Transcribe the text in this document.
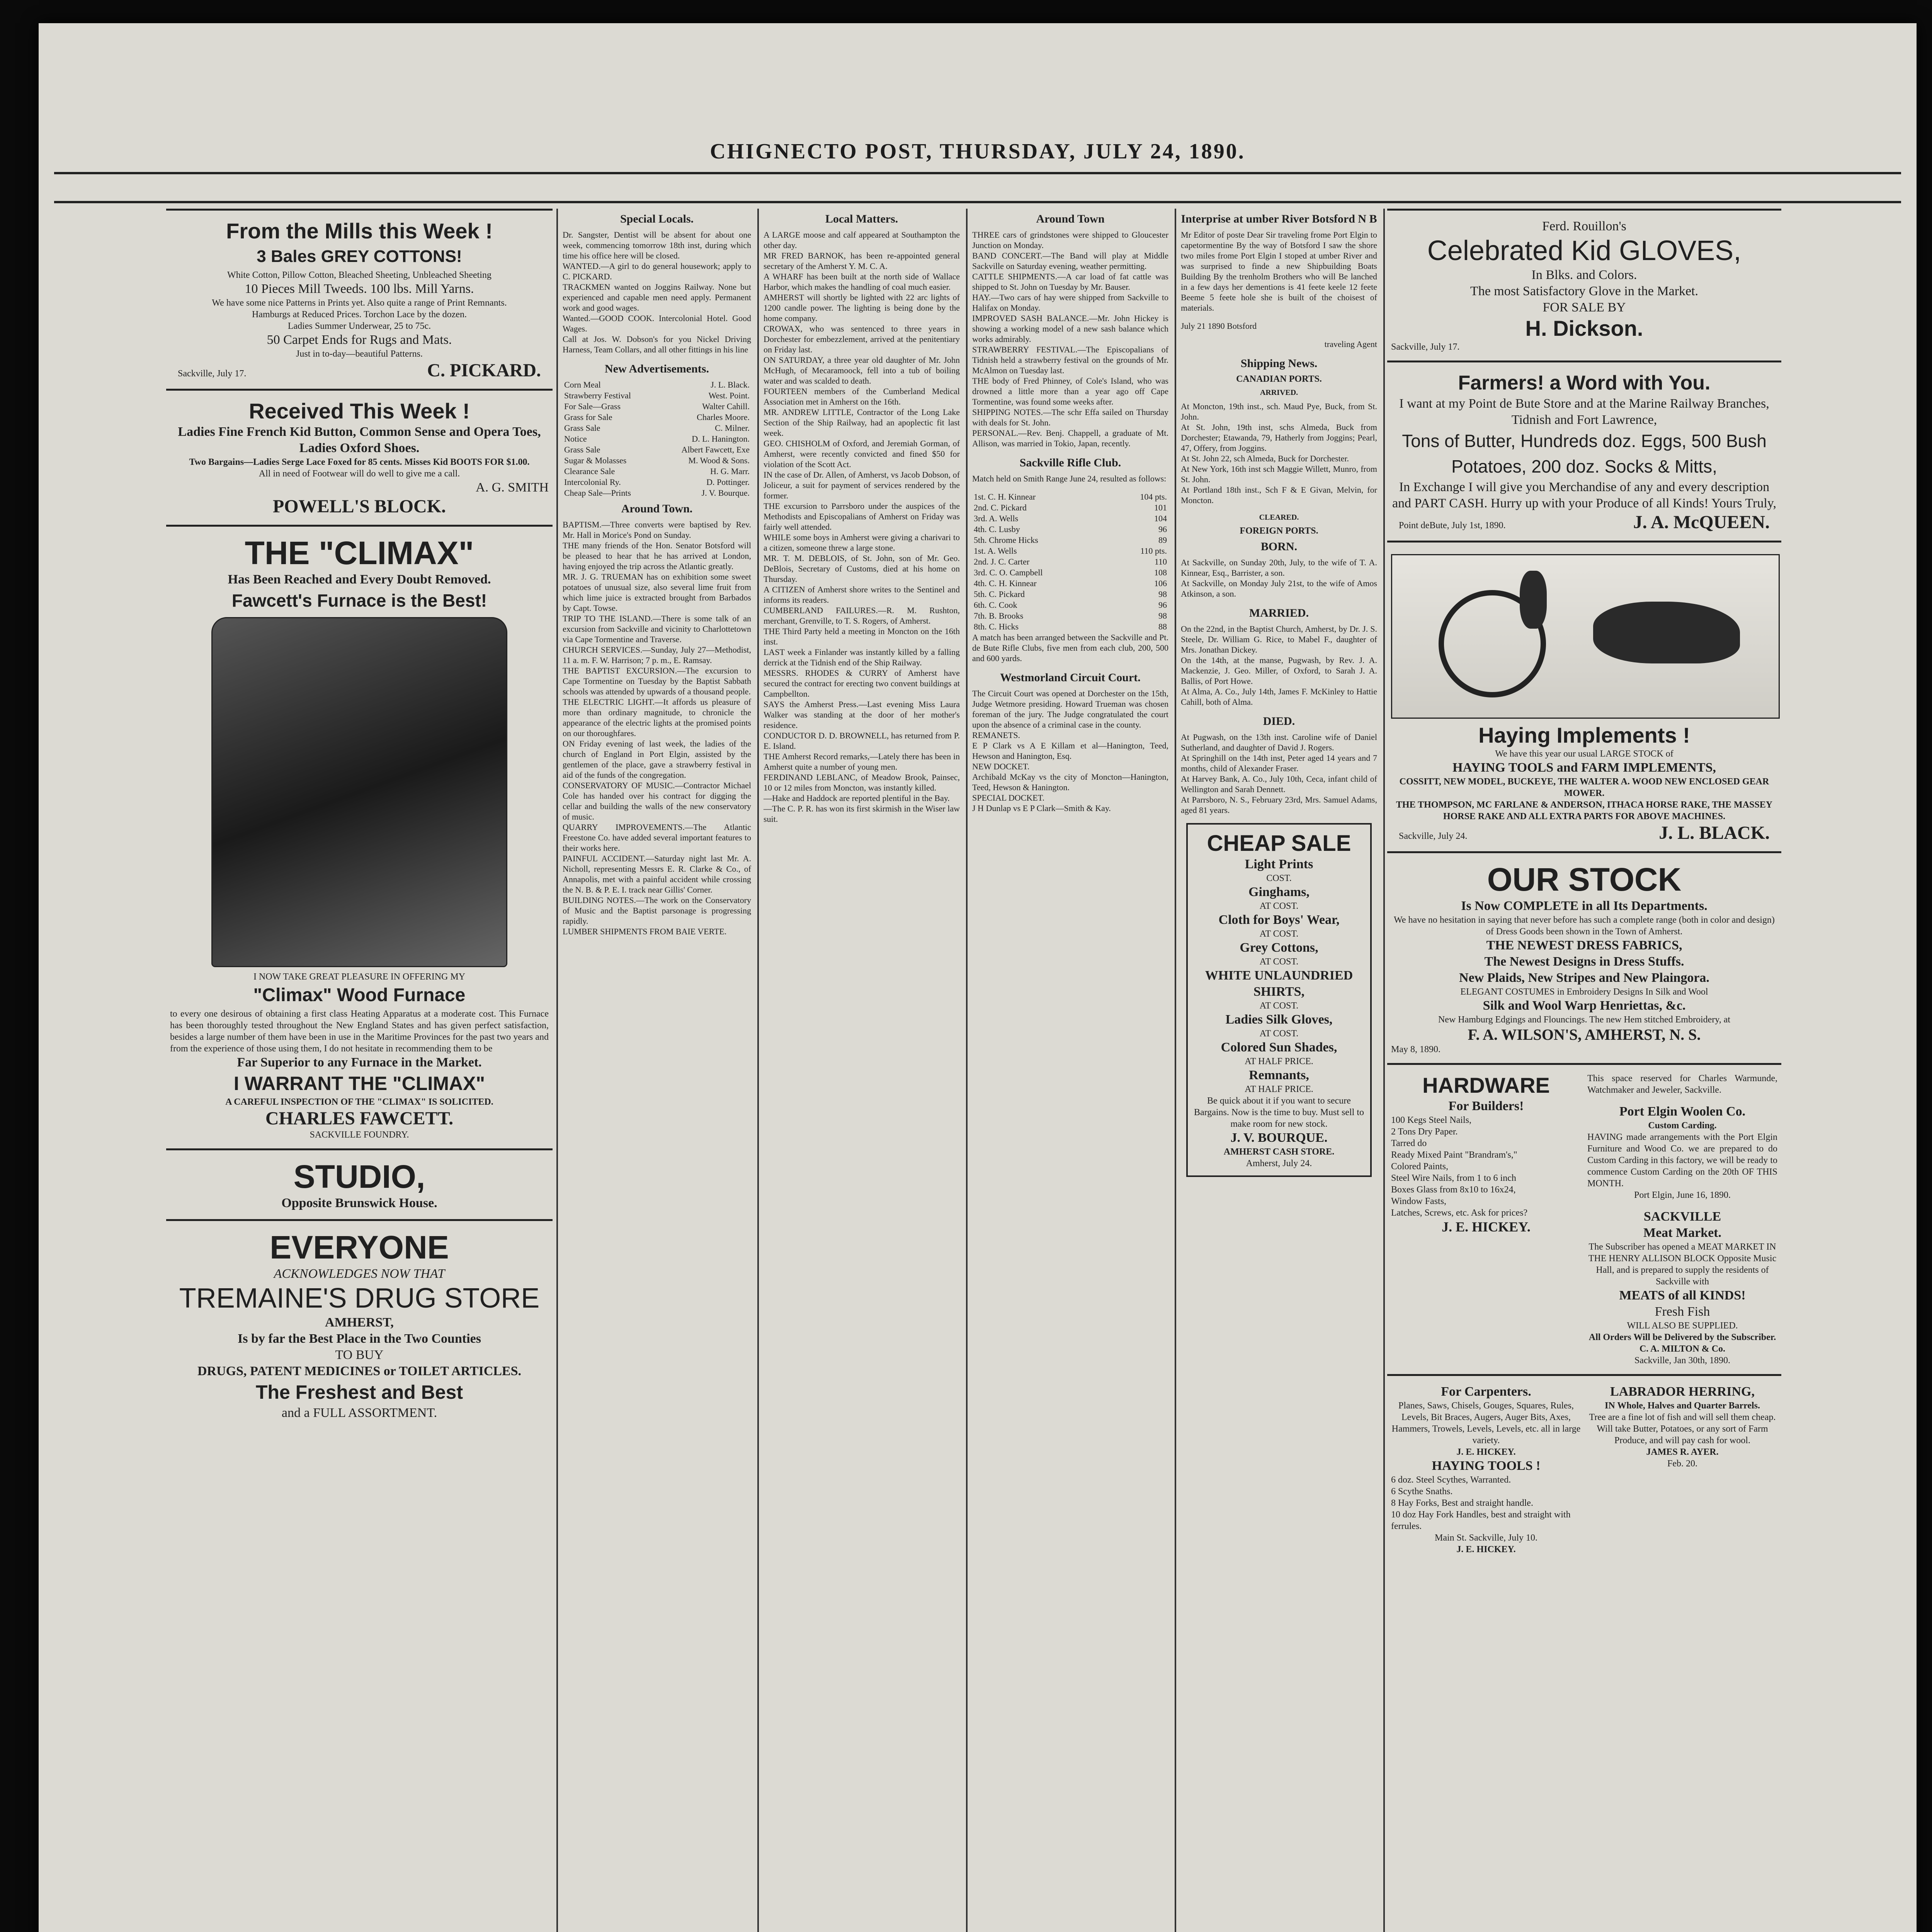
CHIGNECTO POST, THURSDAY, JULY 24, 1890.
From the Mills this Week !
3 Bales GREY COTTONS!
White Cotton, Pillow Cotton, Bleached Sheeting, Unbleached Sheeting
10 Pieces Mill Tweeds. 100 lbs. Mill Yarns.
We have some nice Patterns in Prints yet. Also quite a range of Print Remnants.
Hamburgs at Reduced Prices. Torchon Lace by the dozen.
Ladies Summer Underwear, 25 to 75c.
50 Carpet Ends for Rugs and Mats.
Just in to-day—beautiful Patterns.
Sackville, July 17.	C. PICKARD.
Received This Week !
Ladies Fine French Kid Button, Common Sense and Opera Toes,
Ladies Oxford Shoes.
Two Bargains—Ladies Serge Lace Foxed for 85 cents. Misses Kid BOOTS FOR $1.00.
All in need of Footwear will do well to give me a call.
A. G. SMITH
POWELL'S BLOCK.
THE "CLIMAX"
Has Been Reached and Every Doubt Removed.
Fawcett's Furnace is the Best!
I NOW TAKE GREAT PLEASURE IN OFFERING MY
"Climax" Wood Furnace
to every one desirous of obtaining a first class Heating Apparatus at a moderate cost. This Furnace has been thoroughly tested throughout the New England States and has given perfect satisfaction, besides a large number of them have been in use in the Maritime Provinces for the past two years and from the experience of those using them, I do not hesitate in recommending them to be
Far Superior to any Furnace in the Market.
I WARRANT THE "CLIMAX"
A CAREFUL INSPECTION OF THE "CLIMAX" IS SOLICITED.
CHARLES FAWCETT.
SACKVILLE FOUNDRY.
STUDIO,
Opposite Brunswick House.
EVERYONE
ACKNOWLEDGES NOW THAT
TREMAINE'S DRUG STORE
AMHERST,
Is by far the Best Place in the Two Counties
TO BUY
DRUGS, PATENT MEDICINES or TOILET ARTICLES.
The Freshest and Best
and a FULL ASSORTMENT.
Special Locals.
Dr. Sangster, Dentist will be absent for about one week, commencing tomorrow 18th inst, during which time his office here will be closed.
WANTED.—A girl to do general housework; apply to C. PICKARD.
TRACKMEN wanted on Joggins Railway. None but experienced and capable men need apply. Permanent work and good wages.
Wanted.—GOOD COOK. Intercolonial Hotel. Good Wages.
Call at Jos. W. Dobson's for you Nickel Driving Harness, Team Collars, and all other fittings in his line
New Advertisements.
Corn Meal	J. L. Black.
Strawberry Festival	West. Point.
For Sale—Grass	Walter Cahill.
Grass for Sale	Charles Moore.
Grass Sale	C. Milner.
Notice	D. L. Hanington.
Grass Sale	Albert Fawcett, Exe
Sugar & Molasses	M. Wood & Sons.
Clearance Sale	H. G. Marr.
Intercolonial Ry.	D. Pottinger.
Cheap Sale—Prints	J. V. Bourque.
Around Town.
BAPTISM.—Three converts were baptised by Rev. Mr. Hall in Morice's Pond on Sunday.
THE many friends of the Hon. Senator Botsford will be pleased to hear that he has arrived at London, having enjoyed the trip across the Atlantic greatly.
MR. J. G. TRUEMAN has on exhibition some sweet potatoes of unusual size, also several lime fruit from which lime juice is extracted brought from Barbados by Capt. Towse.
TRIP TO THE ISLAND.—There is some talk of an excursion from Sackville and vicinity to Charlottetown via Cape Tormentine and Traverse.
CHURCH SERVICES.—Sunday, July 27—Methodist, 11 a. m. F. W. Harrison; 7 p. m., E. Ramsay.
THE BAPTIST EXCURSION.—The excursion to Cape Tormentine on Tuesday by the Baptist Sabbath schools was attended by upwards of a thousand people.
THE ELECTRIC LIGHT.—It affords us pleasure of more than ordinary magnitude, to chronicle the appearance of the electric lights at the promised points on our thoroughfares.
ON Friday evening of last week, the ladies of the church of England in Port Elgin, assisted by the gentlemen of the place, gave a strawberry festival in aid of the funds of the congregation.
CONSERVATORY OF MUSIC.—Contractor Michael Cole has handed over his contract for digging the cellar and building the walls of the new conservatory of music.
QUARRY IMPROVEMENTS.—The Atlantic Freestone Co. have added several important features to their works here.
PAINFUL ACCIDENT.—Saturday night last Mr. A. Nicholl, representing Messrs E. R. Clarke & Co., of Annapolis, met with a painful accident while crossing the N. B. & P. E. I. track near Gillis' Corner.
BUILDING NOTES.—The work on the Conservatory of Music and the Baptist parsonage is progressing rapidly.
LUMBER SHIPMENTS FROM BAIE VERTE.
Local Matters.
A LARGE moose and calf appeared at Southampton the other day.
MR FRED BARNOK, has been re-appointed general secretary of the Amherst Y. M. C. A.
A WHARF has been built at the north side of Wallace Harbor, which makes the handling of coal much easier.
AMHERST will shortly be lighted with 22 arc lights of 1200 candle power. The lighting is being done by the home company.
CROWAX, who was sentenced to three years in Dorchester for embezzlement, arrived at the penitentiary on Friday last.
ON SATURDAY, a three year old daughter of Mr. John McHugh, of Mecaramoock, fell into a tub of boiling water and was scalded to death.
FOURTEEN members of the Cumberland Medical Association met in Amherst on the 16th.
MR. ANDREW LITTLE, Contractor of the Long Lake Section of the Ship Railway, had an apoplectic fit last week.
GEO. CHISHOLM of Oxford, and Jeremiah Gorman, of Amherst, were recently convicted and fined $50 for violation of the Scott Act.
IN the case of Dr. Allen, of Amherst, vs Jacob Dobson, of Joliceur, a suit for payment of services rendered by the former.
THE excursion to Parrsboro under the auspices of the Methodists and Episcopalians of Amherst on Friday was fairly well attended.
WHILE some boys in Amherst were giving a charivari to a citizen, someone threw a large stone.
MR. T. M. DEBLOIS, of St. John, son of Mr. Geo. DeBlois, Secretary of Customs, died at his home on Thursday.
A CITIZEN of Amherst shore writes to the Sentinel and informs its readers.
CUMBERLAND FAILURES.—R. M. Rushton, merchant, Grenville, to T. S. Rogers, of Amherst.
THE Third Party held a meeting in Moncton on the 16th inst.
LAST week a Finlander was instantly killed by a falling derrick at the Tidnish end of the Ship Railway.
MESSRS. RHODES & CURRY of Amherst have secured the contract for erecting two convent buildings at Campbellton.
SAYS the Amherst Press.—Last evening Miss Laura Walker was standing at the door of her mother's residence.
CONDUCTOR D. D. BROWNELL, has returned from P. E. Island.
THE Amherst Record remarks,—Lately there has been in Amherst quite a number of young men.
FERDINAND LEBLANC, of Meadow Brook, Painsec, 10 or 12 miles from Moncton, was instantly killed.
—Hake and Haddock are reported plentiful in the Bay.
—The C. P. R. has won its first skirmish in the Wiser law suit.
Around Town
THREE cars of grindstones were shipped to Gloucester Junction on Monday.
BAND CONCERT.—The Band will play at Middle Sackville on Saturday evening, weather permitting.
CATTLE SHIPMENTS.—A car load of fat cattle was shipped to St. John on Tuesday by Mr. Bauser.
HAY.—Two cars of hay were shipped from Sackville to Halifax on Monday.
IMPROVED SASH BALANCE.—Mr. John Hickey is showing a working model of a new sash balance which works admirably.
STRAWBERRY FESTIVAL.—The Episcopalians of Tidnish held a strawberry festival on the grounds of Mr. McAlmon on Tuesday last.
THE body of Fred Phinney, of Cole's Island, who was drowned a little more than a year ago off Cape Tormentine, was found some weeks after.
SHIPPING NOTES.—The schr Effa sailed on Thursday with deals for St. John.
PERSONAL.—Rev. Benj. Chappell, a graduate of Mt. Allison, was married in Tokio, Japan, recently.
Sackville Rifle Club.
Match held on Smith Range June 24, resulted as follows:
1st. C. H. Kinnear	104 pts.
2nd. C. Pickard	101
3rd. A. Wells	104
4th. C. Lusby	96
5th. Chrome Hicks	89
1st. A. Wells	110 pts.
2nd. J. C. Carter	110
3rd. C. O. Campbell	108
4th. C. H. Kinnear	106
5th. C. Pickard	98
6th. C. Cook	96
7th. B. Brooks	98
8th. C. Hicks	88
A match has been arranged between the Sackville and Pt. de Bute Rifle Clubs, five men from each club, 200, 500 and 600 yards.
Westmorland Circuit Court.
The Circuit Court was opened at Dorchester on the 15th, Judge Wetmore presiding. Howard Trueman was chosen foreman of the jury. The Judge congratulated the court upon the absence of a criminal case in the county.
REMANETS.
E P Clark vs A E Killam et al—Hanington, Teed, Hewson and Hanington, Esq.
NEW DOCKET.
Archibald McKay vs the city of Moncton—Hanington, Teed, Hewson & Hanington.
SPECIAL DOCKET.
J H Dunlap vs E P Clark—Smith & Kay.
Interprise at umber River Botsford N B
Mr Editor of poste Dear Sir traveling frome Port Elgin to capetormentine By the way of Botsford I saw the shore two miles frome Port Elgin I stoped at umber River and was surprised to finde a new Shipbuilding Boats Building By the trenholm Brothers who will Be lanched in a few days her dementions is 41 feete keele 12 feete Beeme 5 feete hole she is built of the choisest of materials.
July 21 1890 Botsford
traveling Agent
Shipping News.
CANADIAN PORTS.
ARRIVED.
At Moncton, 19th inst., sch. Maud Pye, Buck, from St. John.
At St. John, 19th inst, schs Almeda, Buck from Dorchester; Etawanda, 79, Hatherly from Joggins; Pearl, 47, Offery, from Joggins.
At St. John 22, sch Almeda, Buck for Dorchester.
At New York, 16th inst sch Maggie Willett, Munro, from St. John.
At Portland 18th inst., Sch F & E Givan, Melvin, for Moncton.
CLEARED.
FOREIGN PORTS.
BORN.
At Sackville, on Sunday 20th, July, to the wife of T. A. Kinnear, Esq., Barrister, a son.
At Sackville, on Monday July 21st, to the wife of Amos Atkinson, a son.
MARRIED.
On the 22nd, in the Baptist Church, Amherst, by Dr. J. S. Steele, Dr. William G. Rice, to Mabel F., daughter of Mrs. Jonathan Dickey.
On the 14th, at the manse, Pugwash, by Rev. J. A. Mackenzie, J. Geo. Miller, of Oxford, to Sarah J. A. Ballis, of Port Howe.
At Alma, A. Co., July 14th, James F. McKinley to Hattie Cahill, both of Alma.
DIED.
At Pugwash, on the 13th inst. Caroline wife of Daniel Sutherland, and daughter of David J. Rogers.
At Springhill on the 14th inst, Peter aged 14 years and 7 months, child of Alexander Fraser.
At Harvey Bank, A. Co., July 10th, Ceca, infant child of Wellington and Sarah Dennett.
At Parrsboro, N. S., February 23rd, Mrs. Samuel Adams, aged 81 years.
CHEAP SALE
Light Prints
COST.
Ginghams,
AT COST.
Cloth for Boys' Wear,
AT COST.
Grey Cottons,
AT COST.
WHITE UNLAUNDRIED SHIRTS,
AT COST.
Ladies Silk Gloves,
AT COST.
Colored Sun Shades,
AT HALF PRICE.
Remnants,
AT HALF PRICE.
Be quick about it if you want to secure Bargains. Now is the time to buy. Must sell to make room for new stock.
J. V. BOURQUE.
AMHERST CASH STORE.
Amherst, July 24.
Ferd. Rouillon's
Celebrated Kid GLOVES,
In Blks. and Colors.
The most Satisfactory Glove in the Market.
FOR SALE BY
H. Dickson.
Sackville, July 17.
Farmers! a Word with You.
I want at my Point de Bute Store and at the Marine Railway Branches, Tidnish and Fort Lawrence,
Tons of Butter, Hundreds doz. Eggs, 500 Bush Potatoes, 200 doz. Socks & Mitts,
In Exchange I will give you Merchandise of any and every description and PART CASH. Hurry up with your Produce of all Kinds! Yours Truly,
Point deBute, July 1st, 1890.	J. A. McQUEEN.
Haying Implements !
We have this year our usual LARGE STOCK of
HAYING TOOLS and FARM IMPLEMENTS,
COSSITT, NEW MODEL, BUCKEYE, THE WALTER A. WOOD NEW ENCLOSED GEAR MOWER.
THE THOMPSON, MC FARLANE & ANDERSON, ITHACA HORSE RAKE, THE MASSEY HORSE RAKE AND ALL EXTRA PARTS FOR ABOVE MACHINES.
Sackville, July 24.	J. L. BLACK.
OUR STOCK
Is Now COMPLETE in all Its Departments.
We have no hesitation in saying that never before has such a complete range (both in color and design) of Dress Goods been shown in the Town of Amherst.
THE NEWEST DRESS FABRICS,
The Newest Designs in Dress Stuffs.
New Plaids, New Stripes and New Plaingora.
ELEGANT COSTUMES in Embroidery Designs In Silk and Wool
Silk and Wool Warp Henriettas, &c.
New Hamburg Edgings and Flouncings. The new Hem stitched Embroidery, at
F. A. WILSON'S, AMHERST, N. S.
May 8, 1890.
HARDWARE
For Builders!
100 Kegs Steel Nails,
2 Tons Dry Paper.
Tarred do
Ready Mixed Paint "Brandram's,"
Colored Paints,
Steel Wire Nails, from 1 to 6 inch
Boxes Glass from 8x10 to 16x24,
Window Fasts,
Latches, Screws, etc. Ask for prices?
J. E. HICKEY.
This space reserved for Charles Warmunde, Watchmaker and Jeweler, Sackville.
Port Elgin Woolen Co.
Custom Carding.
HAVING made arrangements with the Port Elgin Furniture and Wood Co. we are prepared to do Custom Carding in this factory, we will be ready to commence Custom Carding on the 20th OF THIS MONTH.
Port Elgin, June 16, 1890.
SACKVILLE
Meat Market.
The Subscriber has opened a MEAT MARKET IN THE HENRY ALLISON BLOCK Opposite Music Hall, and is prepared to supply the residents of Sackville with
MEATS of all KINDS!
Fresh Fish
WILL ALSO BE SUPPLIED.
All Orders Will be Delivered by the Subscriber.
C. A. MILTON & Co.
Sackville, Jan 30th, 1890.
For Carpenters.
Planes, Saws, Chisels, Gouges, Squares, Rules, Levels, Bit Braces, Augers, Auger Bits, Axes, Hammers, Trowels, Levels, Levels, etc. all in large variety.
J. E. HICKEY.
HAYING TOOLS !
6 doz. Steel Scythes, Warranted.
6 Scythe Snaths.
8 Hay Forks, Best and straight handle.
10 doz Hay Fork Handles, best and straight with ferrules.
Main St. Sackville, July 10.
J. E. HICKEY.
LABRADOR HERRING,
IN Whole, Halves and Quarter Barrels.
Tree are a fine lot of fish and will sell them cheap. Will take Butter, Potatoes, or any sort of Farm Produce, and will pay cash for wool.
JAMES R. AYER.
Feb. 20.
